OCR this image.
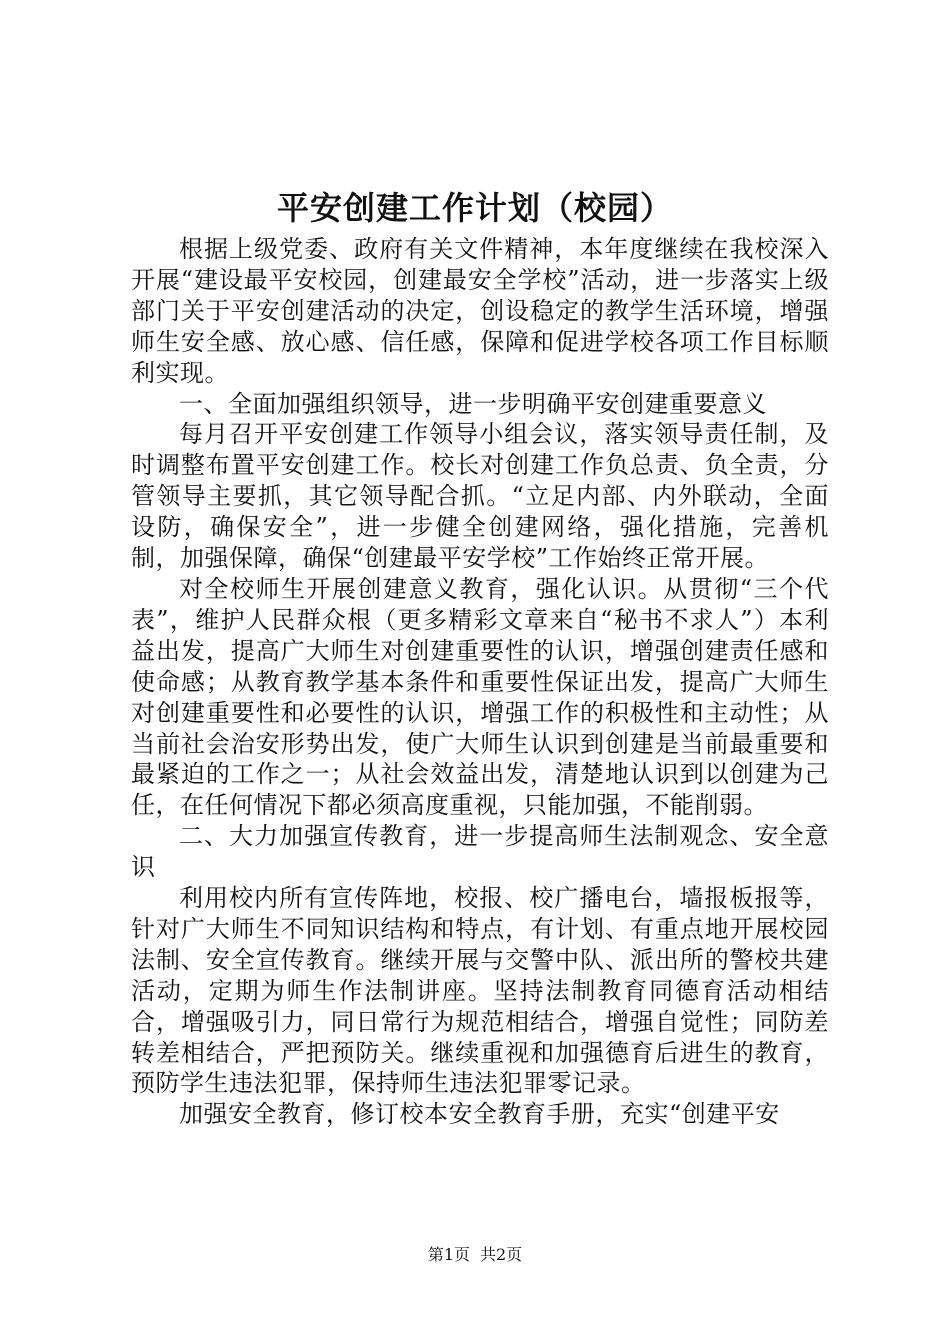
平安创建工作计划（校园）

根据上级党委、政府有关文件精神，本年度继续在我校深入开展“建设最平安校园，创建最安全学校”活动，进一步落实上级部门关于平安创建活动的决定，创设稳定的教学生活环境，增强师生安全感、放心感、信任感，保障和促进学校各项工作目标顺利实现。

一、全面加强组织领导，进一步明确平安创建重要意义

每月召开平安创建工作领导小组会议，落实领导责任制，及时调整布置平安创建工作。校长对创建工作负总责、负全责，分管领导主要抓，其它领导配合抓。“立足内部、内外联动，全面设防，确保安全”，进一步健全创建网络，强化措施，完善机制，加强保障，确保“创建最平安学校”工作始终正常开展。

对全校师生开展创建意义教育，强化认识。从贯彻“三个代表”，维护人民群众根（更多精彩文章来自“秘书不求人”）本利益出发，提高广大师生对创建重要性的认识，增强创建责任感和使命感；从教育教学基本条件和重要性保证出发，提高广大师生对创建重要性和必要性的认识，增强工作的积极性和主动性；从当前社会治安形势出发，使广大师生认识到创建是当前最重要和最紧迫的工作之一；从社会效益出发，清楚地认识到以创建为己任，在任何情况下都必须高度重视，只能加强，不能削弱。

二、大力加强宣传教育，进一步提高师生法制观念、安全意识

利用校内所有宣传阵地，校报、校广播电台，墙报板报等，针对广大师生不同知识结构和特点，有计划、有重点地开展校园法制、安全宣传教育。继续开展与交警中队、派出所的警校共建活动，定期为师生作法制讲座。坚持法制教育同德育活动相结合，增强吸引力，同日常行为规范相结合，增强自觉性；同防差转差相结合，严把预防关。继续重视和加强德育后进生的教育，预防学生违法犯罪，保持师生违法犯罪零记录。

加强安全教育，修订校本安全教育手册，充实“创建平安

第1页 共2页
